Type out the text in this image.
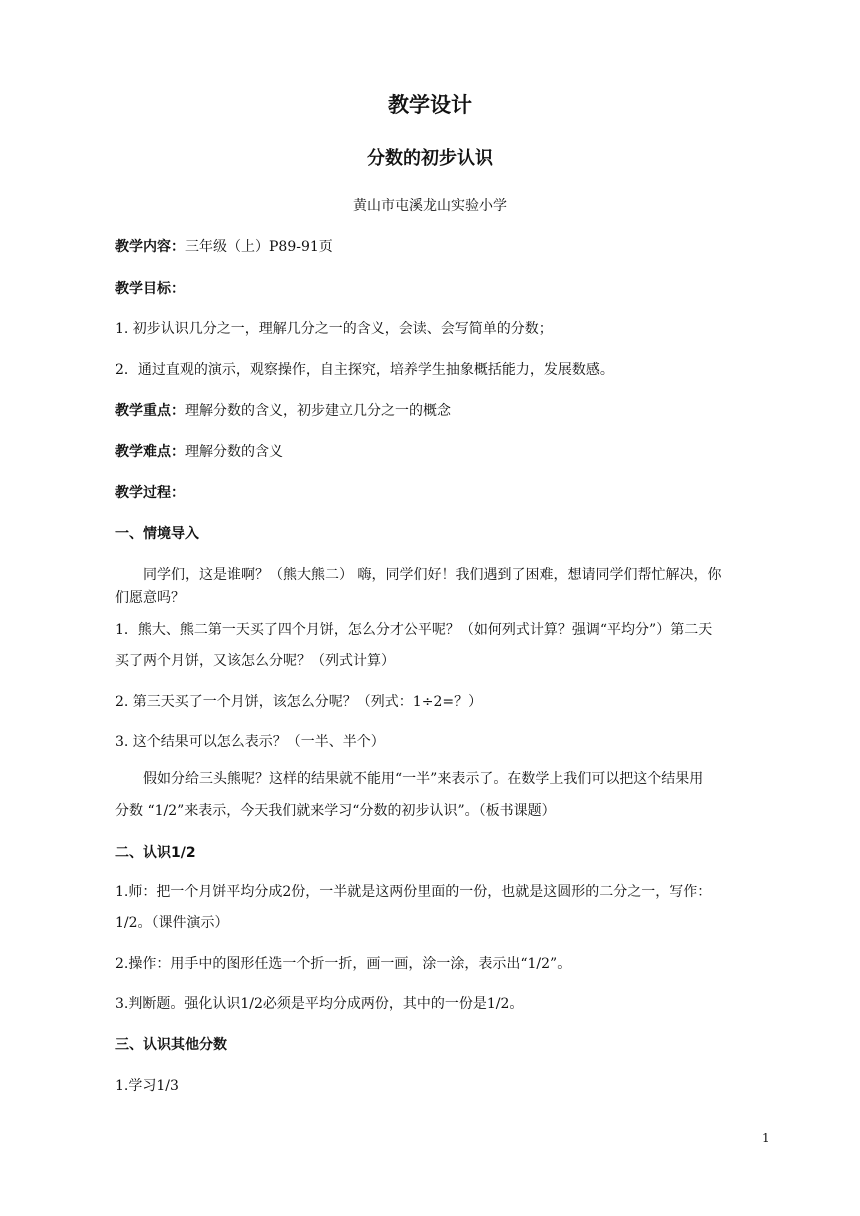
教学设计
分数的初步认识
黄山市屯溪龙山实验小学
教学内容：三年级（上）P89-91页
教学目标：
1. 初步认识几分之一，理解几分之一的含义，会读、会写简单的分数；
2．通过直观的演示，观察操作，自主探究，培养学生抽象概括能力，发展数感。
教学重点：理解分数的含义，初步建立几分之一的概念
教学难点：理解分数的含义
教学过程：
一、情境导入
同学们，这是谁啊？（熊大熊二） 嗨，同学们好！我们遇到了困难，想请同学们帮忙解决，你
们愿意吗？
1．熊大、熊二第一天买了四个月饼，怎么分才公平呢？（如何列式计算？强调“平均分”）第二天
买了两个月饼，又该怎么分呢？（列式计算）
2. 第三天买了一个月饼，该怎么分呢？（列式：1÷2=？）
3. 这个结果可以怎么表示？（一半、半个）
假如分给三头熊呢？这样的结果就不能用“一半”来表示了。在数学上我们可以把这个结果用
分数 “1/2”来表示，今天我们就来学习“分数的初步认识”。（板书课题）
二、认识1/2
1.师：把一个月饼平均分成2份，一半就是这两份里面的一份，也就是这圆形的二分之一，写作：
1/2。（课件演示）
2.操作：用手中的图形任选一个折一折，画一画，涂一涂，表示出“1/2”。
3.判断题。强化认识1/2必须是平均分成两份，其中的一份是1/2。
三、认识其他分数
1.学习1/3
1
